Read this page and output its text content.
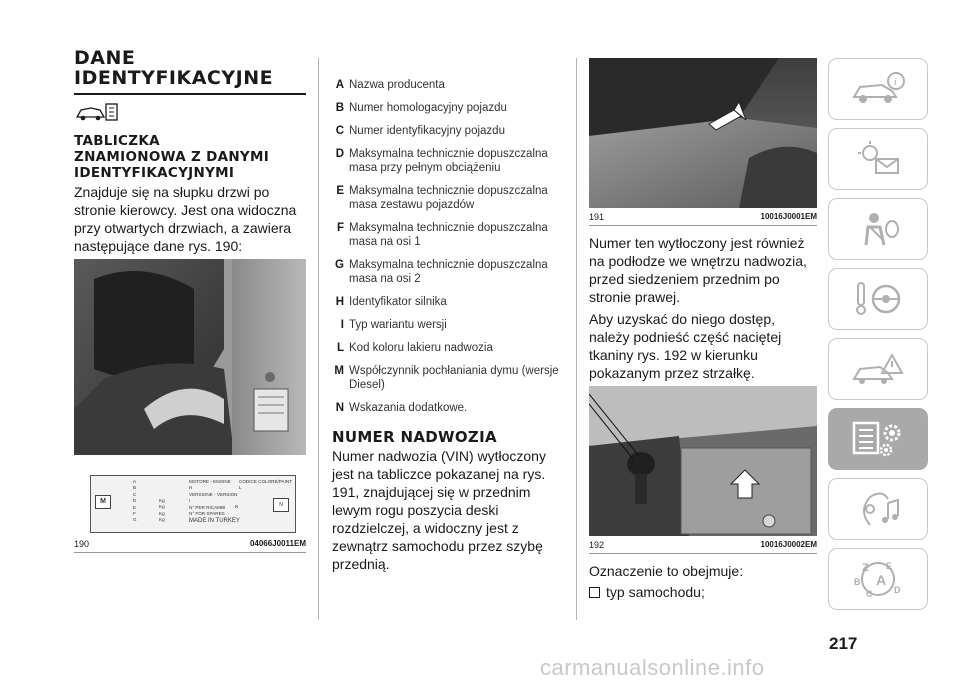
DANE
IDENTYFIKACYJNE
TABLICZKA
ZNAMIONOWA Z DANYMI
IDENTYFIKACYJNYMI

Znajduje się na słupku drzwi po stronie kierowcy. Jest ona widoczna przy otwartych drzwiach, a zawiera następujące dane rys. 190:

M
A
B
C
D
E
F
G
Kg
Kg
Kg
Kg
MOTORE - ENGINE
H
VERSIONE - VERSION
I
N° PER RICAMBI
N° FOR SPARES
MADE IN TURKEY
CODICE COLORE/PAINT
L
N	N
190	04066J0011EM
A Nazwa producenta
B Numer homologacyjny pojazdu
C Numer identyfikacyjny pojazdu
D Maksymalna technicznie dopuszczalna masa przy pełnym obciążeniu
E Maksymalna technicznie dopuszczalna masa zestawu pojazdów
F Maksymalna technicznie dopuszczalna masa na osi 1
G Maksymalna technicznie dopuszczalna masa na osi 2
H Identyfikator silnika
I Typ wariantu wersji
L Kod koloru lakieru nadwozia
M Współczynnik pochłaniania dymu (wersje Diesel)
N Wskazania dodatkowe.
NUMER NADWOZIA

Numer nadwozia (VIN) wytłoczony jest na tabliczce pokazanej na rys. 191, znajdującej się w przednim lewym rogu poszycia deski rozdzielczej, a widoczny jest z zewnątrz samochodu przez szybę przednią.

191	10016J0001EM

Numer ten wytłoczony jest również na podłodze we wnętrzu nadwozia, przed siedzeniem przednim po stronie prawej.

Aby uzyskać do niego dostęp, należy podnieść część naciętej tkaniny rys. 192 w kierunku pokazanym przez strzałkę.

192	10016J0002EM

Oznaczenie to obejmuje:

typ samochodu;
i
Z E
B A
C D
217
carmanualsonline.info
